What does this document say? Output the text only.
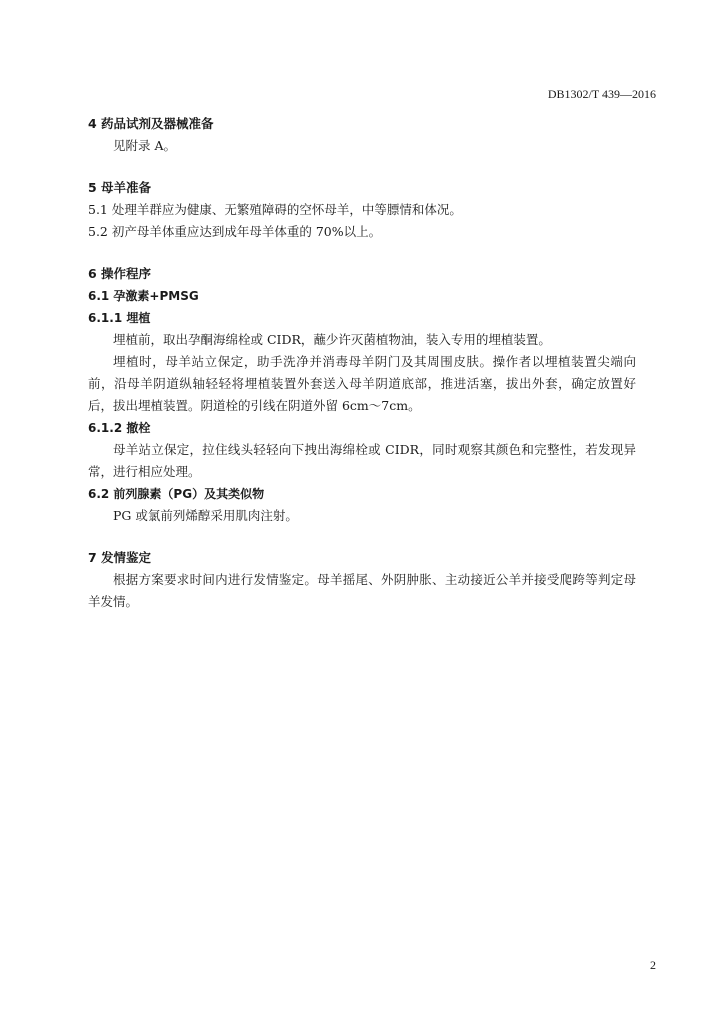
DB1302/T 439—2016

4 药品试剂及器械准备

见附录 A。

5 母羊准备

5.1 处理羊群应为健康、无繁殖障碍的空怀母羊，中等膘情和体况。

5.2 初产母羊体重应达到成年母羊体重的 70%以上。

6 操作程序

6.1 孕激素+PMSG

6.1.1 埋植

埋植前，取出孕酮海绵栓或 CIDR，蘸少许灭菌植物油，装入专用的埋植装置。

埋植时，母羊站立保定，助手洗净并消毒母羊阴门及其周围皮肤。操作者以埋植装置尖端向前，沿母羊阴道纵轴轻轻将埋植装置外套送入母羊阴道底部，推进活塞，拔出外套，确定放置好后，拔出埋植装置。阴道栓的引线在阴道外留 6cm～7cm。

6.1.2 撤栓

母羊站立保定，拉住线头轻轻向下拽出海绵栓或 CIDR，同时观察其颜色和完整性，若发现异常，进行相应处理。

6.2 前列腺素（PG）及其类似物

PG 或氯前列烯醇采用肌肉注射。

7 发情鉴定

根据方案要求时间内进行发情鉴定。母羊摇尾、外阴肿胀、主动接近公羊并接受爬跨等判定母羊发情。

2
